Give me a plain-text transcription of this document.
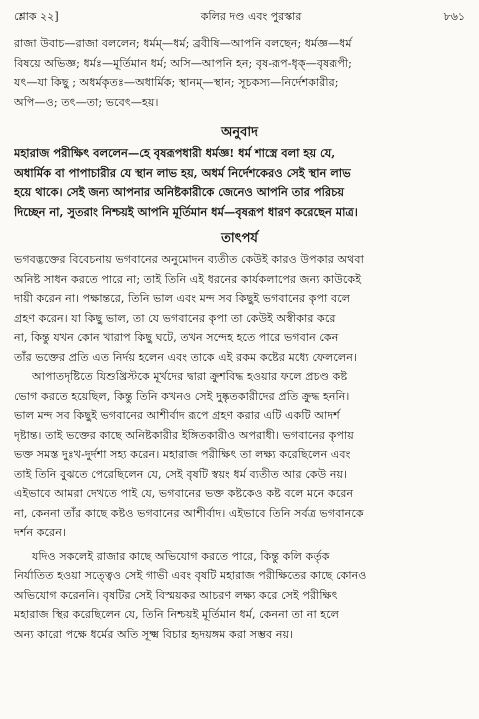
শ্লোক ২২]	কলির দণ্ড এবং পুরস্কার	৮৬১
রাজা উবাচ—রাজা বললেন; ধর্মম্—ধর্ম; ব্রবীষি—আপনি বলছেন; ধর্মজ্ঞ—ধর্ম
বিষয়ে অভিজ্ঞ; ধর্মঃ—মূর্তিমান ধর্ম; অসি—আপনি হন; বৃষ-রূপ-ধৃক্—বৃষরূপী;
যৎ—যা কিছু ; অধর্মকৃতঃ—অধার্মিক; স্থানম্—স্থান; সূচকস্য—নির্দেশকারীর;
অপি—ও; তৎ—তা; ভবেৎ—হয়।
অনুবাদ
মহারাজ পরীক্ষিৎ বললেন—হে বৃষরূপধারী ধর্মজ্ঞ! ধর্ম শাস্ত্রে বলা হয় যে,
অধার্মিক বা পাপাচারীর যে স্থান লাভ হয়, অধর্ম নির্দেশকেরও সেই স্থান লাভ
হয়ে থাকে। সেই জন্য আপনার অনিষ্টকারীকে জেনেও আপনি তার পরিচয়
দিচ্ছেন না, সুতরাং নিশ্চয়ই আপনি মূর্তিমান ধর্ম—বৃষরূপ ধারণ করেছেন মাত্র।
তাৎপর্য
ভগবদ্ভক্তের বিবেচনায় ভগবানের অনুমোদন ব্যতীত কেউই কারও উপকার অথবা
অনিষ্ট সাধন করতে পারে না; তাই তিনি এই ধরনের কার্যকলাপের জন্য কাউকেই
দায়ী করেন না। পক্ষান্তরে, তিনি ভাল এবং মন্দ সব কিছুই ভগবানের কৃপা বলে
গ্রহণ করেন। যা কিছু ভাল, তা যে ভগবানের কৃপা তা কেউই অস্বীকার করে
না, কিন্তু যখন কোন খারাপ কিছু ঘটে, তখন সন্দেহ হতে পারে ভগবান কেন
তাঁর ভক্তের প্রতি এত নির্দয় হলেন এবং তাকে এই রকম কষ্টের মধ্যে ফেললেন।
আপাতদৃষ্টিতে যিশুখ্রিস্টকে মূর্খদের দ্বারা ক্রুশবিদ্ধ হওয়ার ফলে প্রচণ্ড কষ্ট
ভোগ করতে হয়েছিল, কিন্তু তিনি কখনও সেই দুষ্কৃতকারীদের প্রতি ক্রুদ্ধ হননি।
ভাল মন্দ সব কিছুই ভগবানের আশীর্বাদ রূপে গ্রহণ করার এটি একটি আদর্শ
দৃষ্টান্ত। তাই ভক্তের কাছে অনিষ্টকারীর ইঙ্গিতকারীও অপরাধী। ভগবানের কৃপায়
ভক্ত সমস্ত দুঃখ-দুর্দশা সহ্য করেন। মহারাজ পরীক্ষিৎ তা লক্ষ্য করেছিলেন এবং
তাই তিনি বুঝতে পেরেছিলেন যে, সেই বৃষটি স্বয়ং ধর্ম ব্যতীত আর কেউ নয়।
এইভাবে আমরা দেখতে পাই যে, ভগবানের ভক্ত কষ্টকেও কষ্ট বলে মনে করেন
না, কেননা তাঁর কাছে কষ্টও ভগবানের আশীর্বাদ। এইভাবে তিনি সর্বত্র ভগবানকে
দর্শন করেন।
যদিও সকলেই রাজার কাছে অভিযোগ করতে পারে, কিন্তু কলি কর্তৃক
নির্যাতিত হওয়া সত্ত্বেও সেই গাভী এবং বৃষটি মহারাজ পরীক্ষিতের কাছে কোনও
অভিযোগ করেননি। বৃষটির সেই বিস্ময়কর আচরণ লক্ষ্য করে সেই পরীক্ষিৎ
মহারাজ স্থির করেছিলেন যে, তিনি নিশ্চয়ই মূর্তিমান ধর্ম, কেননা তা না হলে
অন্য কারো পক্ষে ধর্মের অতি সূক্ষ্ম বিচার হৃদয়ঙ্গম করা সম্ভব নয়।
